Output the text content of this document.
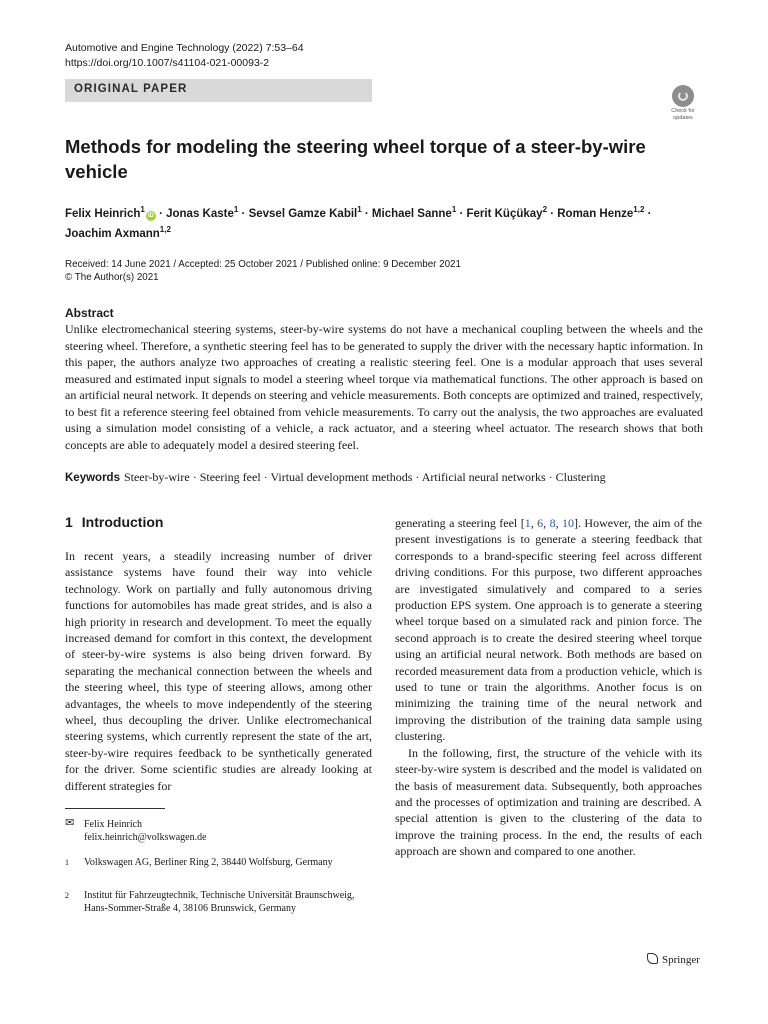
Automotive and Engine Technology (2022) 7:53–64
https://doi.org/10.1007/s41104-021-00093-2
ORIGINAL PAPER
Check for
updates
Methods for modeling the steering wheel torque of a steer-by-wire vehicle
Felix Heinrich$^1$iD · Jonas Kaste$^1$ · Sevsel Gamze Kabil$^1$ · Michael Sanne$^1$ · Ferit Küçükay$^2$ · Roman Henze$^{1,2}$ ·
Joachim Axmann$^{1,2}$
Received: 14 June 2021 / Accepted: 25 October 2021 / Published online: 9 December 2021
© The Author(s) 2021
Abstract
Unlike electromechanical steering systems, steer-by-wire systems do not have a mechanical coupling between the wheels and the steering wheel. Therefore, a synthetic steering feel has to be generated to supply the driver with the necessary haptic information. In this paper, the authors analyze two approaches of creating a realistic steering feel. One is a modular approach that uses several measured and estimated input signals to model a steering wheel torque via mathematical functions. The other approach is based on an artificial neural network. It depends on steering and vehicle measurements. Both concepts are optimized and trained, respectively, to best fit a reference steering feel obtained from vehicle measurements. To carry out the analysis, the two approaches are evaluated using a simulation model consisting of a vehicle, a rack actuator, and a steering wheel actuator. The research shows that both concepts are able to adequately model a desired steering feel.
Keywords Steer-by-wire · Steering feel · Virtual development methods · Artificial neural networks · Clustering
1 Introduction
In recent years, a steadily increasing number of driver assistance systems have found their way into vehicle technology. Work on partially and fully autonomous driving functions for automobiles has made great strides, and is also a high priority in research and development. To meet the equally increased demand for comfort in this context, the development of steer-by-wire systems is also being driven forward. By separating the mechanical connection between the wheels and the steering wheel, this type of steering allows, among other advantages, the wheels to move independently of the steering wheel, thus decoupling the driver. Unlike electromechanical steering systems, which currently represent the state of the art, steer-by-wire requires feedback to be synthetically generated for the driver. Some scientific studies are already looking at different strategies for

generating a steering feel [1, 6, 8, 10]. However, the aim of the present investigations is to generate a steering feedback that corresponds to a brand-specific steering feel across different driving conditions. For this purpose, two different approaches are investigated simulatively and compared to a series production EPS system. One approach is to generate a steering wheel torque based on a simulated rack and pinion force. The second approach is to create the desired steering wheel torque using an artificial neural network. Both methods are based on recorded measurement data from a production vehicle, which is used to tune or train the algorithms. Another focus is on minimizing the training time of the neural network and improving the distribution of the training data sample using clustering.

In the following, first, the structure of the vehicle with its steer-by-wire system is described and the model is validated on the basis of measurement data. Subsequently, both approaches and the processes of optimization and training are described. A special attention is given to the clustering of the data to improve the training process. In the end, the results of each approach are shown and compared to one another.

✉ Felix Heinrich
felix.heinrich@volkswagen.de
1 Volkswagen AG, Berliner Ring 2, 38440 Wolfsburg, Germany
2 Institut für Fahrzeugtechnik, Technische Universität Braunschweig, Hans-Sommer-Straße 4, 38106 Brunswick, Germany
Springer
